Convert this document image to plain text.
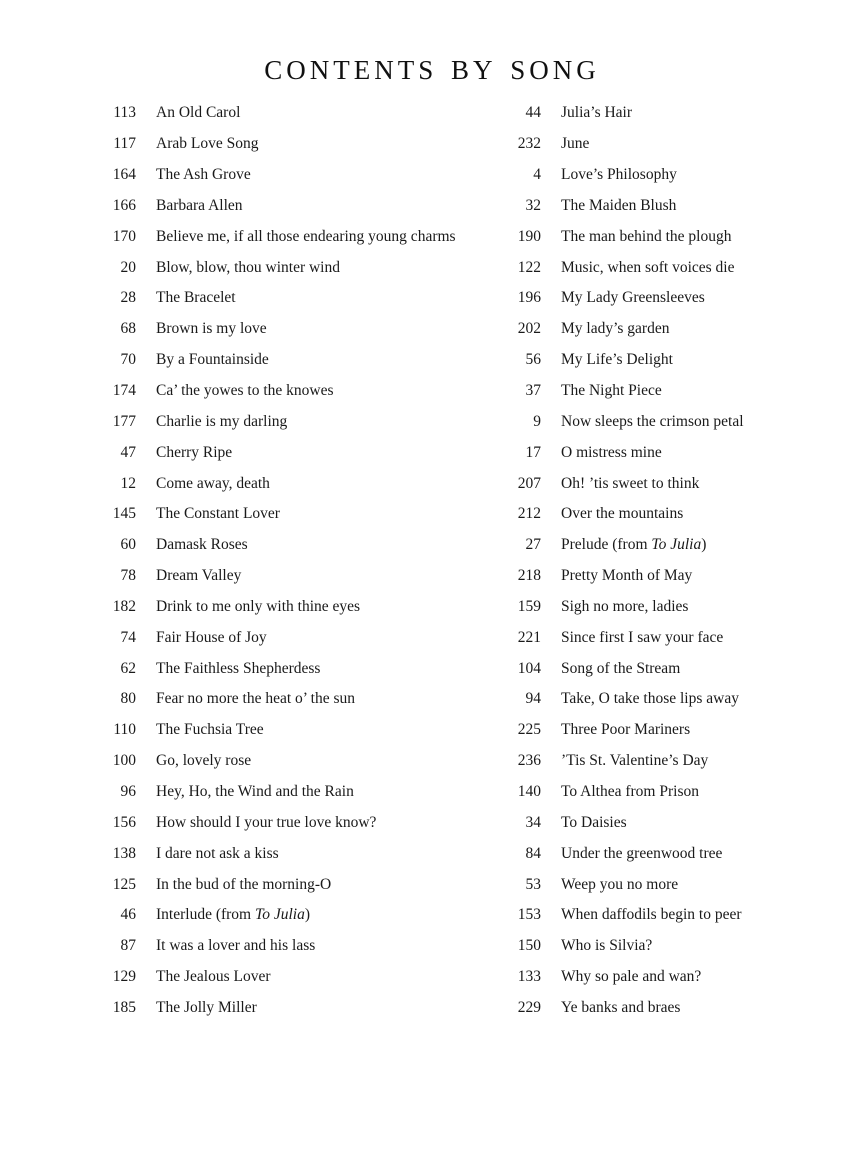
contents by song
113 An Old Carol
117 Arab Love Song
164 The Ash Grove
166 Barbara Allen
170 Believe me, if all those endearing young charms
20 Blow, blow, thou winter wind
28 The Bracelet
68 Brown is my love
70 By a Fountainside
174 Ca’ the yowes to the knowes
177 Charlie is my darling
47 Cherry Ripe
12 Come away, death
145 The Constant Lover
60 Damask Roses
78 Dream Valley
182 Drink to me only with thine eyes
74 Fair House of Joy
62 The Faithless Shepherdess
80 Fear no more the heat o’ the sun
110 The Fuchsia Tree
100 Go, lovely rose
96 Hey, Ho, the Wind and the Rain
156 How should I your true love know?
138 I dare not ask a kiss
125 In the bud of the morning-O
46 Interlude (from To Julia)
87 It was a lover and his lass
129 The Jealous Lover
185 The Jolly Miller
44 Julia’s Hair
232 June
4 Love’s Philosophy
32 The Maiden Blush
190 The man behind the plough
122 Music, when soft voices die
196 My Lady Greensleeves
202 My lady’s garden
56 My Life’s Delight
37 The Night Piece
9 Now sleeps the crimson petal
17 O mistress mine
207 Oh! ’tis sweet to think
212 Over the mountains
27 Prelude (from To Julia)
218 Pretty Month of May
159 Sigh no more, ladies
221 Since first I saw your face
104 Song of the Stream
94 Take, O take those lips away
225 Three Poor Mariners
236 ’Tis St. Valentine’s Day
140 To Althea from Prison
34 To Daisies
84 Under the greenwood tree
53 Weep you no more
153 When daffodils begin to peer
150 Who is Silvia?
133 Why so pale and wan?
229 Ye banks and braes
